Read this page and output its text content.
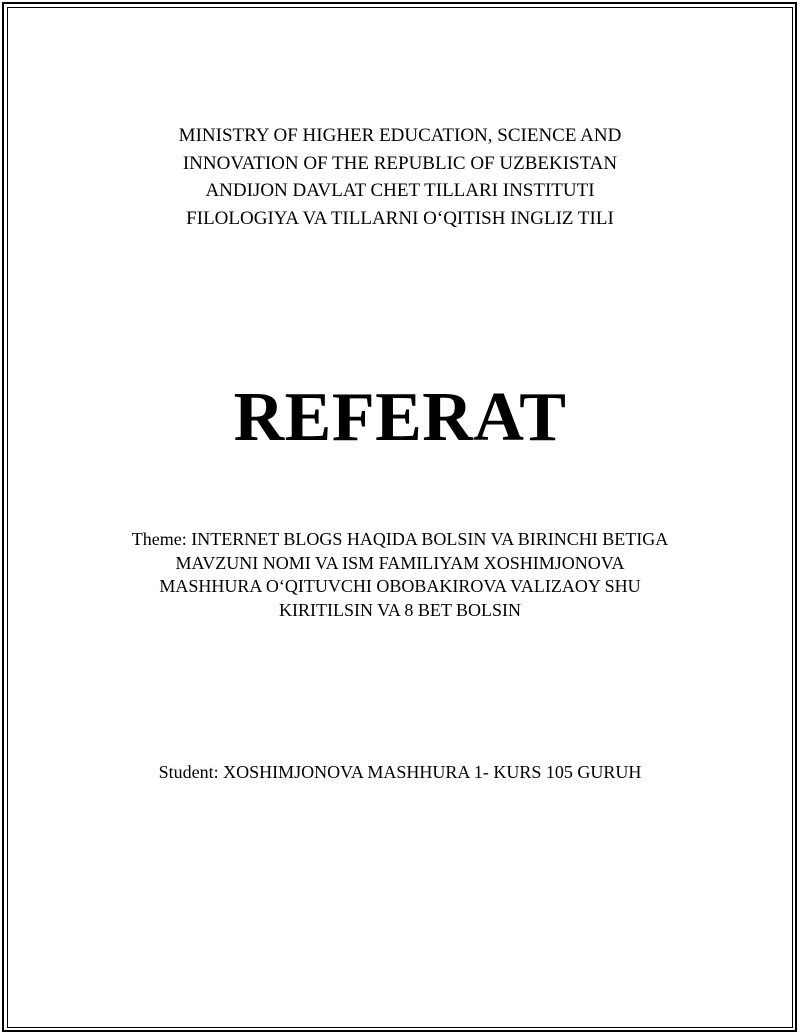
MINISTRY OF HIGHER EDUCATION, SCIENCE AND
INNOVATION OF THE REPUBLIC OF UZBEKISTAN
ANDIJON DAVLAT CHET TILLARI INSTITUTI
FILOLOGIYA VA TILLARNI O‘QITISH INGLIZ TILI
REFERAT
Theme: INTERNET BLOGS HAQIDA BOLSIN VA BIRINCHI BETIGA
MAVZUNI NOMI VA ISM FAMILIYAM XOSHIMJONOVA
MASHHURA O‘QITUVCHI OBOBAKIROVA VALIZAOY SHU
KIRITILSIN VA 8 BET BOLSIN
Student: XOSHIMJONOVA MASHHURA 1- KURS 105 GURUH
